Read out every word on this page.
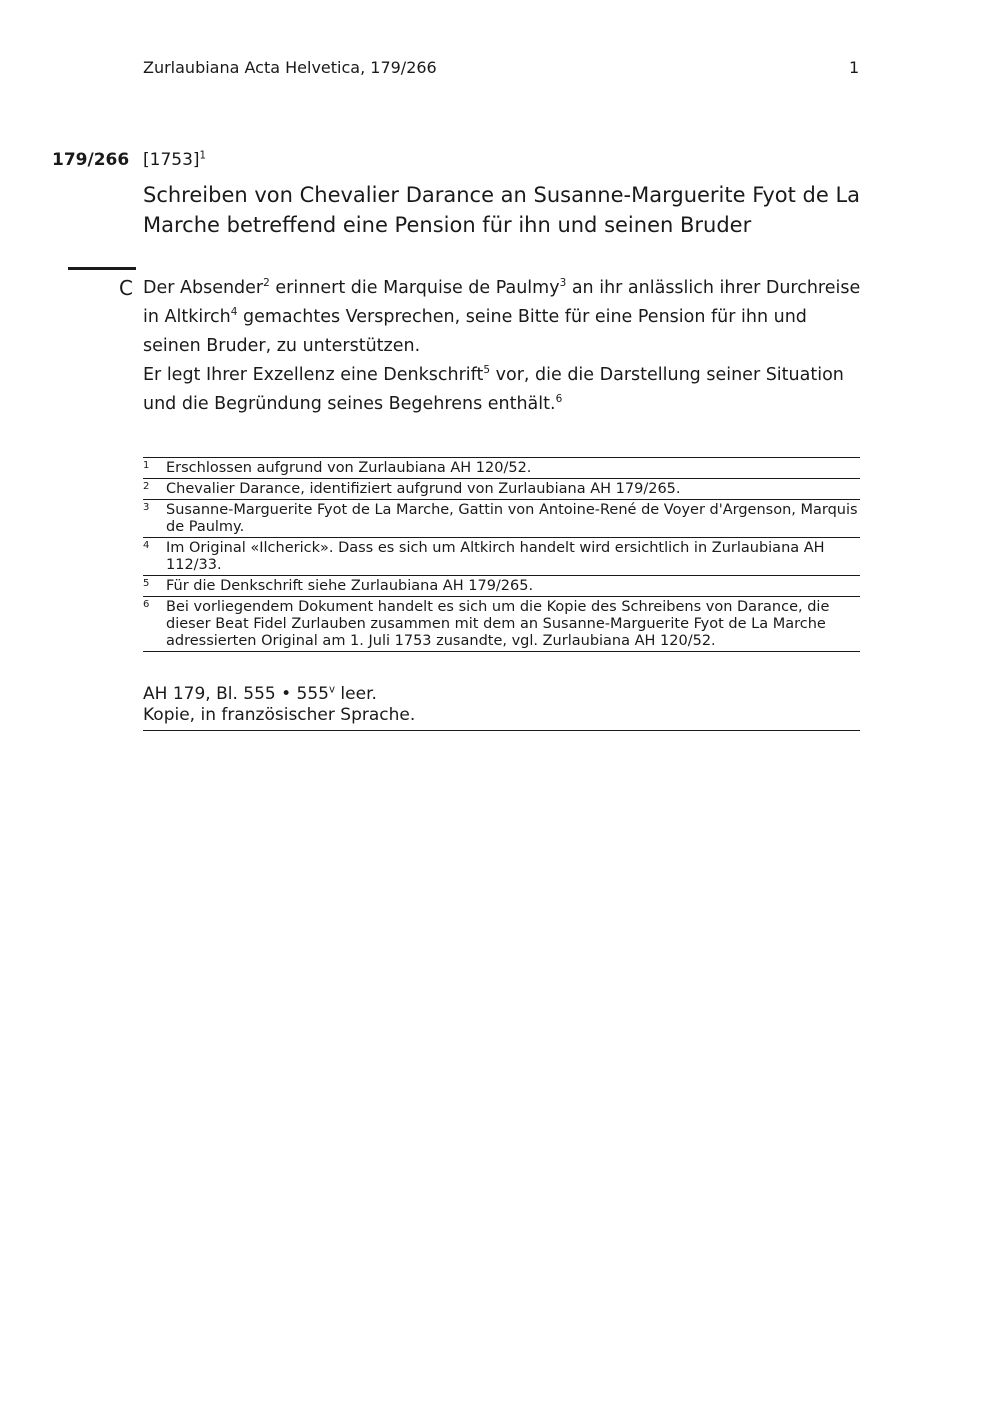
Zurlaubiana Acta Helvetica, 179/266	1
179/266 $[1753]^1$
Schreiben von Chevalier Darance an Susanne-Marguerite Fyot de La Marche betreffend eine Pension für ihn und seinen Bruder
C Der Absender$^2$ erinnert die Marquise de Paulmy$^3$ an ihr anlässlich ihrer Durchreise in Altkirch$^4$ gemachtes Versprechen, seine Bitte für eine Pension für ihn und seinen Bruder, zu unterstützen.

Er legt Ihrer Exzellenz eine Denkschrift$^5$ vor, die die Darstellung seiner Situation und die Begründung seines Begehrens enthält.$^6$

1	Erschlossen aufgrund von Zurlaubiana AH 120/52.
2	Chevalier Darance, identifiziert aufgrund von Zurlaubiana AH 179/265.
3	Susanne-Marguerite Fyot de La Marche, Gattin von Antoine-René de Voyer d'Argenson, Marquis de Paulmy.
4	Im Original «Ilcherick». Dass es sich um Altkirch handelt wird ersichtlich in Zurlaubiana AH 112/33.
5	Für die Denkschrift siehe Zurlaubiana AH 179/265.
6	Bei vorliegendem Dokument handelt es sich um die Kopie des Schreibens von Darance, die dieser Beat Fidel Zurlauben zusammen mit dem an Susanne-Marguerite Fyot de La Marche adressierten Original am 1. Juli 1753 zusandte, vgl. Zurlaubiana AH 120/52.
AH 179, Bl. 555 • 555$^v$ leer.
Kopie, in französischer Sprache.
